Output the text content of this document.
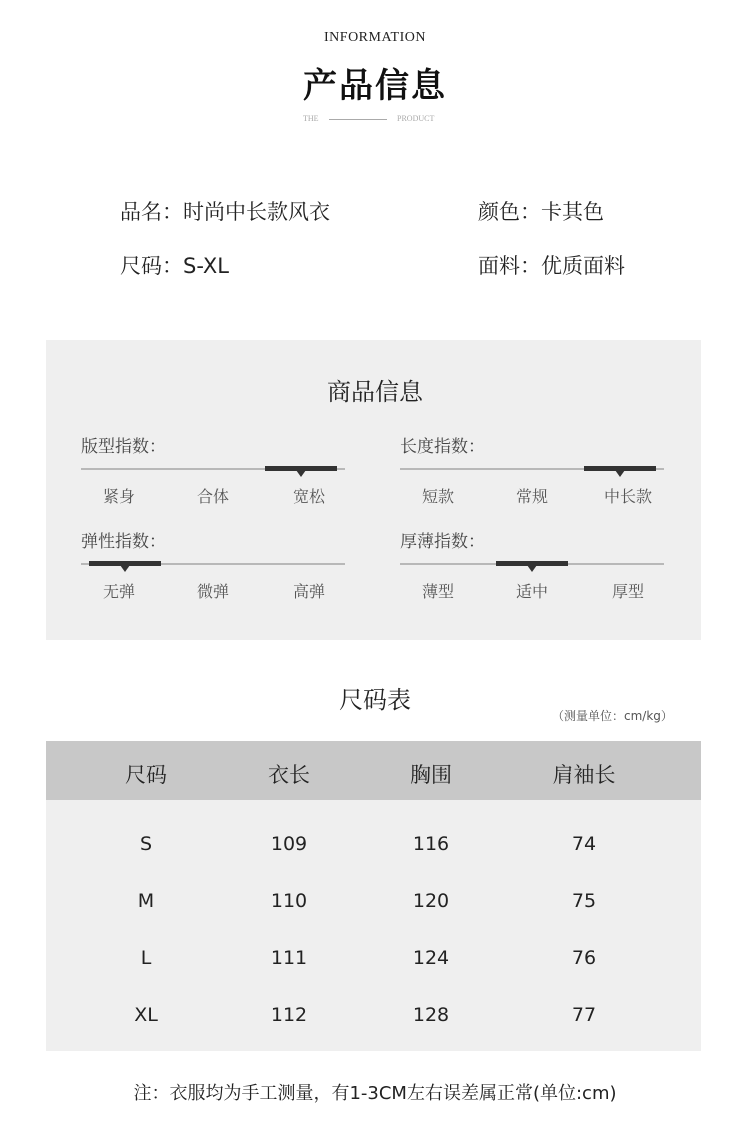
INFORMATION
产品信息
THE	PRODUCT
品名：时尚中长款风衣	颜色：卡其色
尺码：S-XL	面料：优质面料
商品信息
版型指数：
紧身	合体	宽松
长度指数：
短款	常规	中长款
弹性指数：
无弹	微弹	高弹
厚薄指数：
薄型	适中	厚型
尺码表
（测量单位：cm/kg）
尺码	衣长	胸围	肩袖长
S	109	116	74
M	110	120	75
L	111	124	76
XL	112	128	77
注：衣服均为手工测量，有1-3CM左右误差属正常(单位:cm)
